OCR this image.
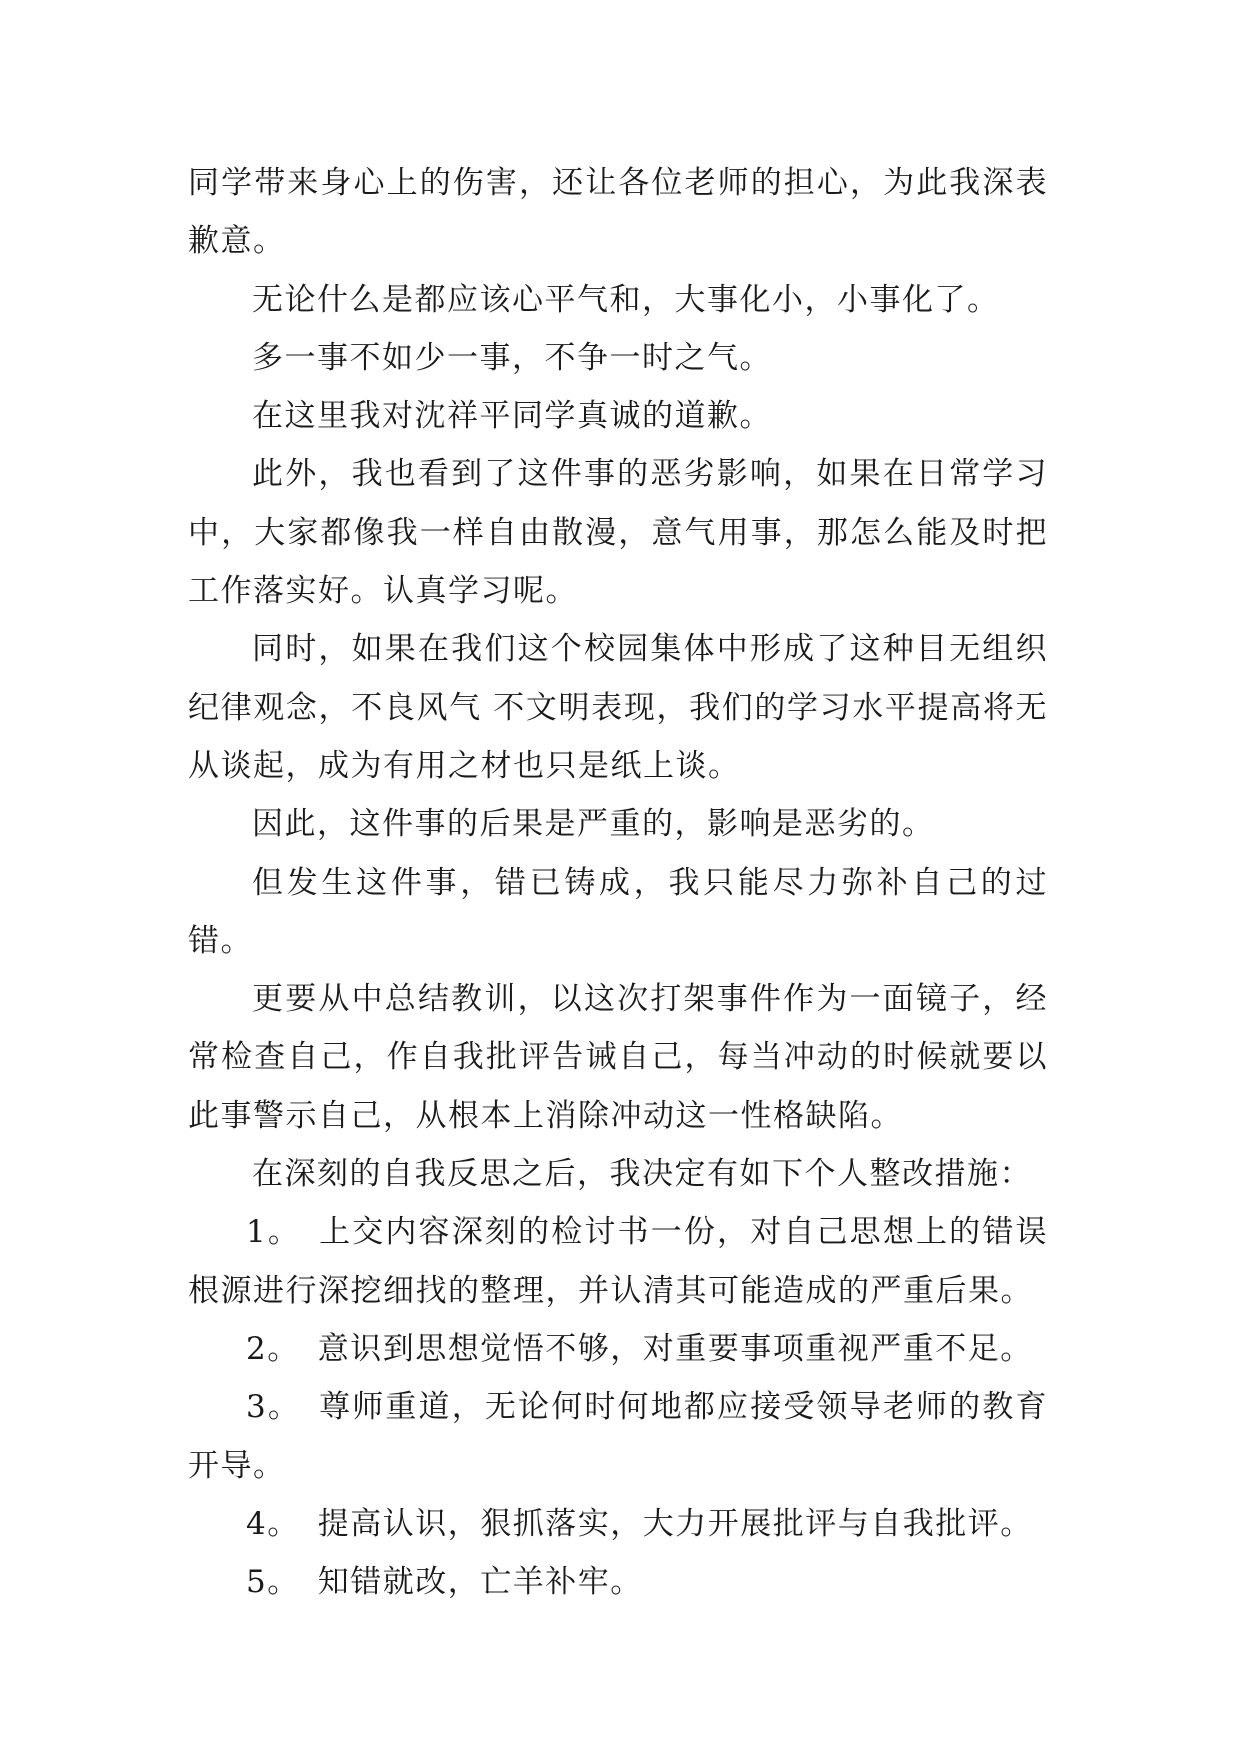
同学带来身心上的伤害，还让各位老师的担心，为此我深表歉意。

无论什么是都应该心平气和，大事化小，小事化了。

多一事不如少一事，不争一时之气。

在这里我对沈祥平同学真诚的道歉。

此外，我也看到了这件事的恶劣影响，如果在日常学习中，大家都像我一样自由散漫，意气用事，那怎么能及时把工作落实好。认真学习呢。

同时，如果在我们这个校园集体中形成了这种目无组织纪律观念，不良风气 不文明表现，我们的学习水平提高将无从谈起，成为有用之材也只是纸上谈。

因此，这件事的后果是严重的，影响是恶劣的。

但发生这件事，错已铸成，我只能尽力弥补自己的过错。

更要从中总结教训，以这次打架事件作为一面镜子，经常检查自己，作自我批评告诫自己，每当冲动的时候就要以此事警示自己，从根本上消除冲动这一性格缺陷。

在深刻的自我反思之后，我决定有如下个人整改措施：

1。 上交内容深刻的检讨书一份，对自己思想上的错误根源进行深挖细找的整理，并认清其可能造成的严重后果。

2。 意识到思想觉悟不够，对重要事项重视严重不足。

3。 尊师重道，无论何时何地都应接受领导老师的教育开导。

4。 提高认识，狠抓落实，大力开展批评与自我批评。

5。 知错就改，亡羊补牢。
